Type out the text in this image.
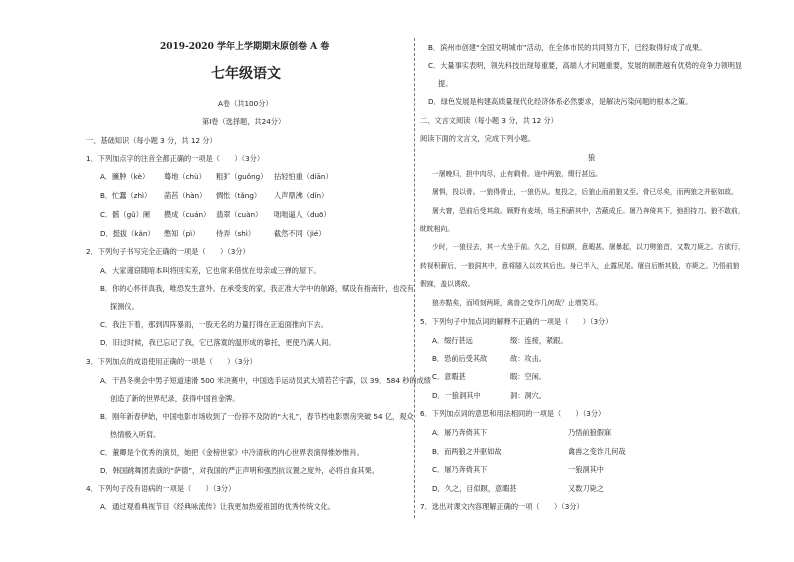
2019-2020 学年上学期期末原创卷 A 卷
七年级语文
A卷（共100分）
第Ⅰ卷（选择题，共24分）
一、基础知识（每小题 3 分，共 12 分）
1．下列加点字的注音全都正确的一项是（　　）（3分）
A．臃肿（kè） 蓦地（chù） 粗犷（guǒng） 拈轻怕重（diān）
B．忙蠢（zhì） 菡萏（hàn） 惆怅（tǎng） 人声鼎沸（dǐn）
C．骸（gǔ）阑 攒成（cuán） 翡翠（cuàn） 咄咄逼人（duō）
D．挺拔（kǎn） 憋知（pì） 侍弄（shì）	截然不同（jié）
2．下列句子书写完全正确的一项是（　　）（3分）
A．大家谨窃随喑本叫将回实差，它也常来借忧在母亲或三弹的屋下。
B．你的心怀伴真我，唯恐发生意外。在承受变的家，我正准大学中的航路，赋设有指南针，也没有
探测仪。
C．我注下着，那到四阵暴雨，一股无名的力量打得在正追面推向下去。
D．旧过时候，我已忘记了我，它已落寞的温形成的靠托，更使乃满人间。
3．下列加点的成语使用正确的一项是（　　）（3分）
A．干昌冬奥会中男子短道速滑 500 米决赛中，中国选手运动员武大靖若芒宇霹，以 39．584 秒的成绩
创造了新的世界纪录，获得中国首金牌。
B．刚年新春伊始，中国电影市场收到了一份猝不及防的“大礼”，春节档电影票房突破 54 亿，观众
热情极入听肩。
C．董卿是个优秀的演员，她把《金榜世家》中冷清秋的内心世界表演得惟妙惟肖。
D．韩国跳舞团表演的“萨德”，对我国的严正声明和强烈抗议置之度外，必将自食其果。
4．下列句子没有语病的一项是（　　）（3分）
A．通过观看典视节目《经典咏流传》让我更加热爱祖国的优秀传统文化。
B．滨州市创建“全国文明城市”活动，在全体市民的共同努力下，已经取得好成了成果。
C．大量事实表明，领先科技出现每重要，高端人才问题重要，发展的制胜越有优势的竞争力领明显
提。
D．绿色发展是构建高质量现代化经济体系必然要求，是解决污染问题的根本之策。
二、文言文阅读（每小题 3 分，共 12 分）
阅读下面的文言文，完成下列小题。
狼
一屠晚归，担中肉尽，止有剩骨。途中两狼，缀行甚远。
屠惧，投以骨。一狼得骨止，一狼仍从。复投之，后狼止而前狼又至。骨已尽矣，而两狼之并驱如故。
屠大窘，恐前后受其敌。顾野有麦场，场主积薪其中，苫蔽成丘。屠乃奔倚其下，弛担持刀。狼不敢前，
眈眈相向。
少时，一狼径去，其一犬坐于前。久之，目似瞑，意暇甚。屠暴起，以刀劈狼首，又数刀毙之。方欲行，
转视积薪后，一狼洞其中，意将隧入以攻其后也。身已半入，止露尻尾。屠自后断其股，亦毙之。乃悟前狼
假寐，盖以诱敌。
狼亦黠矣，而顷刻两毙，禽兽之变诈几何哉？止增笑耳。
5．下列句子中加点词的解释不正确的一项是（　　）（3分）
A．缀行甚远	缀：连接，紧跟。
B．恐前后受其敌	敌：攻击。
C．意暇甚	暇：空闲。
D．一狼洞其中	洞：洞穴。
6．下列加点词的意思和用法相同的一项是（　　）（3分）
A．屠乃奔倚其下	乃悟前狼假寐
B．而两狼之并驱如故	禽兽之变诈几何哉
C．屠乃奔倚其下	一狼洞其中
D．久之，目似瞑，意暇甚	又数刀毙之
7．选出对课文内容理解正确的一项（　　）（3分）
